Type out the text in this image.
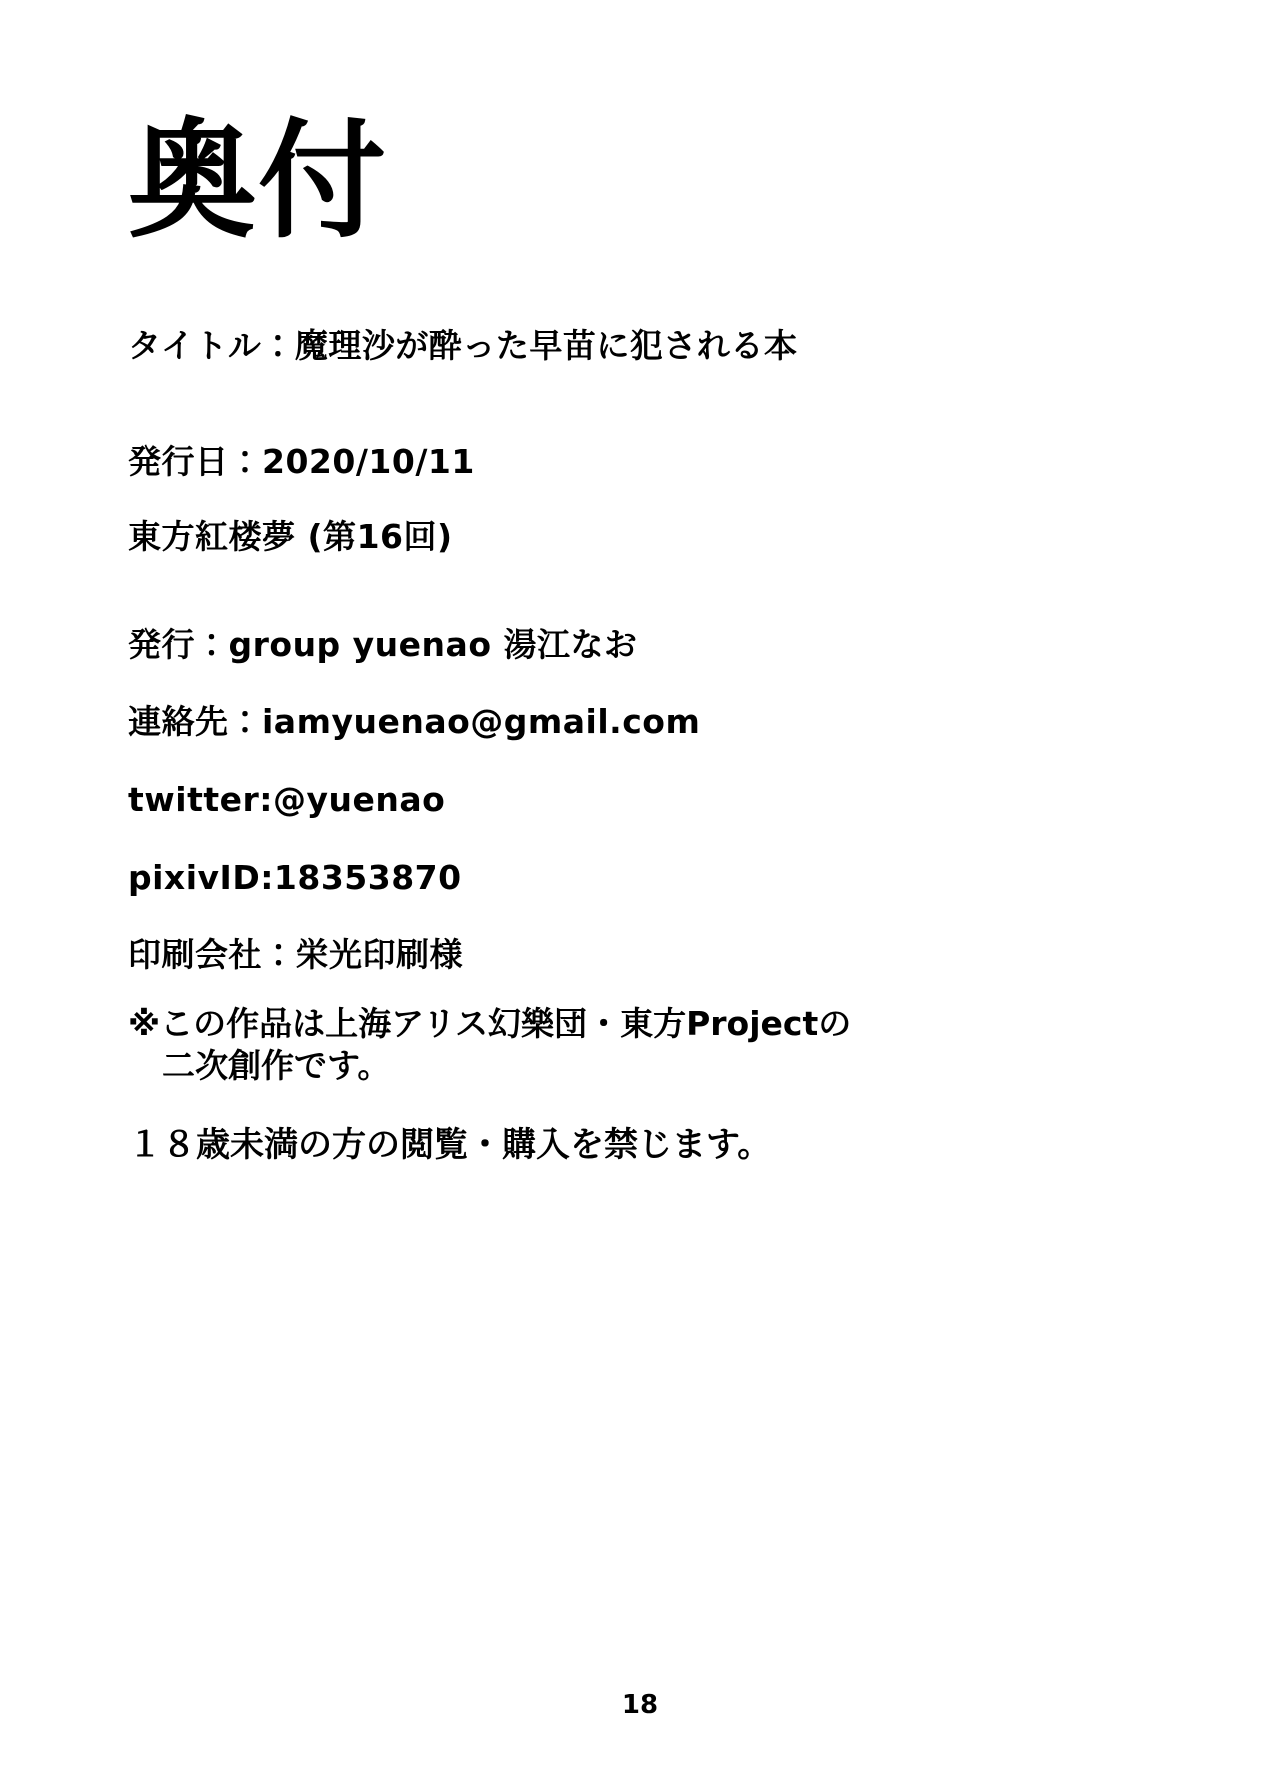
奥付
タイトル：魔理沙が酔った早苗に犯される本
発行日：2020/10/11
東方紅楼夢 (第16回)
発行：group yuenao 湯江なお
連絡先：iamyuenao@gmail.com
twitter:@yuenao
pixivID:18353870
印刷会社：栄光印刷様
※この作品は上海アリス幻樂団・東方Projectの
二次創作です。
１８歳未満の方の閲覧・購入を禁じます。
18
